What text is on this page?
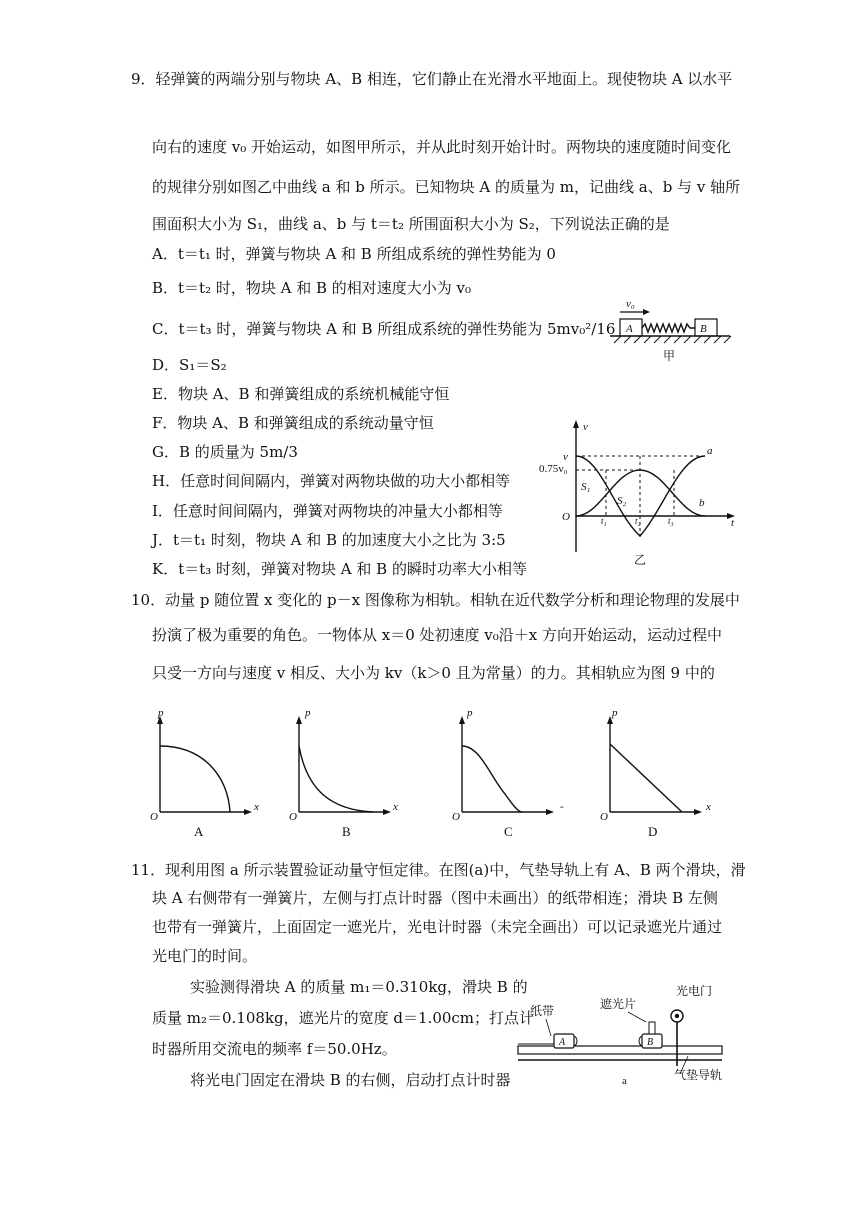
9．轻弹簧的两端分别与物块 A、B 相连，它们静止在光滑水平地面上。现使物块 A 以水平
向右的速度 v₀ 开始运动，如图甲所示，并从此时刻开始计时。两物块的速度随时间变化
的规律分别如图乙中曲线 a 和 b 所示。已知物块 A 的质量为 m，记曲线 a、b 与 v 轴所
围面积大小为 S₁，曲线 a、b 与 t＝t₂ 所围面积大小为 S₂，下列说法正确的是
A．t＝t₁ 时，弹簧与物块 A 和 B 所组成系统的弹性势能为 0
B．t＝t₂ 时，物块 A 和 B 的相对速度大小为 v₀
C．t＝t₃ 时，弹簧与物块 A 和 B 所组成系统的弹性势能为 5mv₀²/16
D．S₁＝S₂
E．物块 A、B 和弹簧组成的系统机械能守恒
F．物块 A、B 和弹簧组成的系统动量守恒
G．B 的质量为 5m/3
H．任意时间间隔内，弹簧对两物块做的功大小都相等
I．任意时间间隔内，弹簧对两物块的冲量大小都相等
J．t＝t₁ 时刻，物块 A 和 B 的加速度大小之比为 3:5
K．t＝t₃ 时刻，弹簧对物块 A 和 B 的瞬时功率大小相等
v₀
A	B
甲
v
t
O
v
0.75v₀
a
b
S₁
S₂
t₁	t₂	t₃
乙
10．动量 p 随位置 x 变化的 p－x 图像称为相轨。相轨在近代数学分析和理论物理的发展中
扮演了极为重要的角色。一物体从 x＝0 处初速度 v₀沿＋x 方向开始运动，运动过程中
只受一方向与速度 v 相反、大小为 kv（k＞0 且为常量）的力。其相轨应为图 9 中的
p
x
O
A
p
x
O
B
p
ˆ
O
C
p
x
O
D
11．现利用图 a 所示装置验证动量守恒定律。在图(a)中，气垫导轨上有 A、B 两个滑块，滑
块 A 右侧带有一弹簧片，左侧与打点计时器（图中未画出）的纸带相连；滑块 B 左侧
也带有一弹簧片，上面固定一遮光片，光电计时器（未完全画出）可以记录遮光片通过
光电门的时间。
实验测得滑块 A 的质量 m₁＝0.310kg，滑块 B 的
质量 m₂＝0.108kg，遮光片的宽度 d＝1.00cm；打点计
时器所用交流电的频率 f＝50.0Hz。
将光电门固定在滑块 B 的右侧，启动打点计时器
纸带	遮光片
光电门
A	B
气垫导轨
a
